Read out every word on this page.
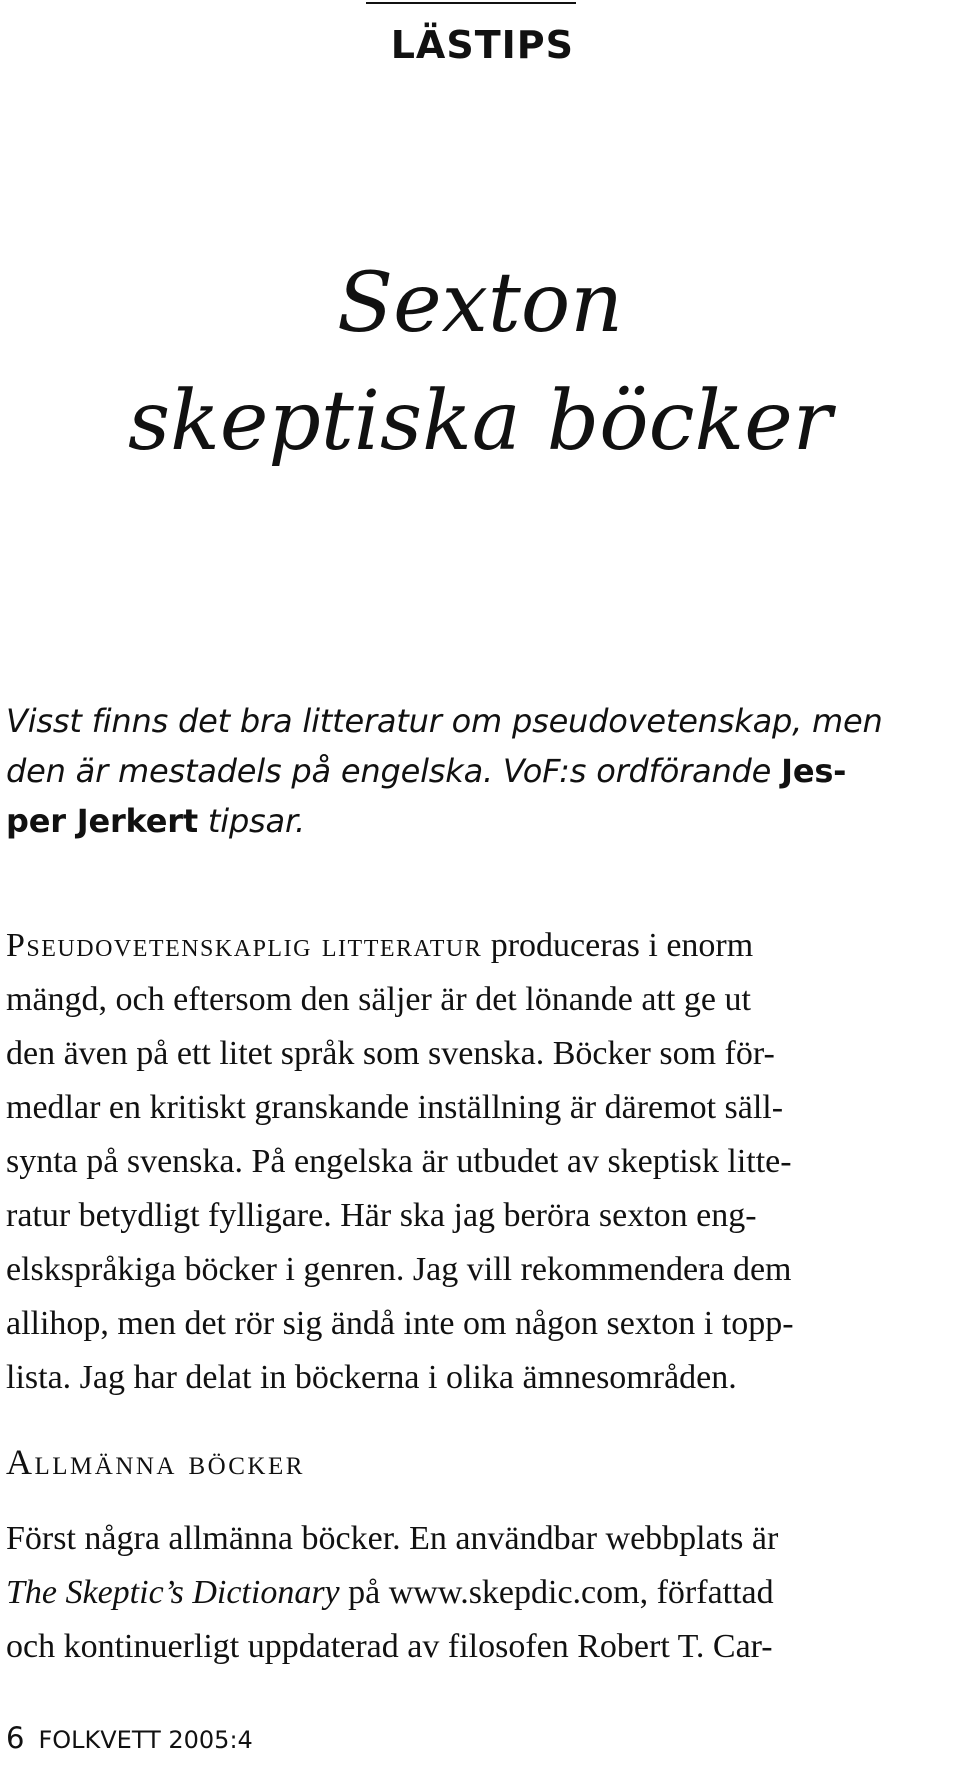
LÄSTIPS
Sexton
skeptiska böcker

Visst finns det bra litteratur om pseudovetenskap, men
den är mestadels på engelska. VoF:s ordförande Jes-
per Jerkert tipsar.

Pseudovetenskaplig litteratur produceras i enorm
mängd, och eftersom den säljer är det lönande att ge ut
den även på ett litet språk som svenska. Böcker som för-
medlar en kritiskt granskande inställning är däremot säll-
synta på svenska. På engelska är utbudet av skeptisk litte-
ratur betydligt fylligare. Här ska jag beröra sexton eng-
elskspråkiga böcker i genren. Jag vill rekommendera dem
allihop, men det rör sig ändå inte om någon sexton i topp-
lista. Jag har delat in böckerna i olika ämnesområden.

Allmänna böcker

Först några allmänna böcker. En användbar webbplats är
The Skeptic’s Dictionary på www.skepdic.com, författad
och kontinuerligt uppdaterad av filosofen Robert T. Car-

6 FOLKVETT 2005:4
